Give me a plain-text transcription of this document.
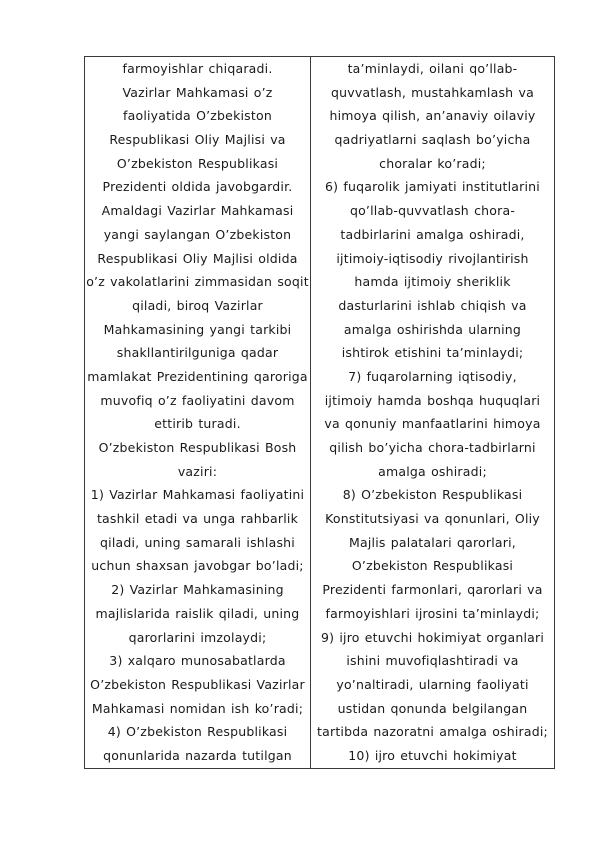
farmoyishlar chiqaradi.
Vazirlar Mahkamasi o’z
faoliyatida O’zbekiston
Respublikasi Oliy Majlisi va
O’zbekiston Respublikasi
Prezidenti oldida javobgardir.
Amaldagi Vazirlar Mahkamasi
yangi saylangan O’zbekiston
Respublikasi Oliy Majlisi oldida
o’z vakolatlarini zimmasidan soqit
qiladi, biroq Vazirlar
Mahkamasining yangi tarkibi
shakllantirilguniga qadar
mamlakat Prezidentining qaroriga
muvofiq o’z faoliyatini davom
ettirib turadi.
O’zbekiston Respublikasi Bosh
vaziri:
1) Vazirlar Mahkamasi faoliyatini
tashkil etadi va unga rahbarlik
qiladi, uning samarali ishlashi
uchun shaxsan javobgar bo’ladi;
2) Vazirlar Mahkamasining
majlislarida raislik qiladi, uning
qarorlarini imzolaydi;
3) xalqaro munosabatlarda
O’zbekiston Respublikasi Vazirlar
Mahkamasi nomidan ish ko’radi;
4) O’zbekiston Respublikasi
qonunlarida nazarda tutilgan

ta’minlaydi, oilani qo’llab-
quvvatlash, mustahkamlash va
himoya qilish, an’anaviy oilaviy
qadriyatlarni saqlash bo’yicha
choralar ko’radi;
6) fuqarolik jamiyati institutlarini
qo’llab-quvvatlash chora-
tadbirlarini amalga oshiradi,
ijtimoiy-iqtisodiy rivojlantirish
hamda ijtimoiy sheriklik
dasturlarini ishlab chiqish va
amalga oshirishda ularning
ishtirok etishini ta’minlaydi;
7) fuqarolarning iqtisodiy,
ijtimoiy hamda boshqa huquqlari
va qonuniy manfaatlarini himoya
qilish bo’yicha chora-tadbirlarni
amalga oshiradi;
8) O’zbekiston Respublikasi
Konstitutsiyasi va qonunlari, Oliy
Majlis palatalari qarorlari,
O’zbekiston Respublikasi
Prezidenti farmonlari, qarorlari va
farmoyishlari ijrosini ta’minlaydi;
9) ijro etuvchi hokimiyat organlari
ishini muvofiqlashtiradi va
yo’naltiradi, ularning faoliyati
ustidan qonunda belgilangan
tartibda nazoratni amalga oshiradi;
10) ijro etuvchi hokimiyat
